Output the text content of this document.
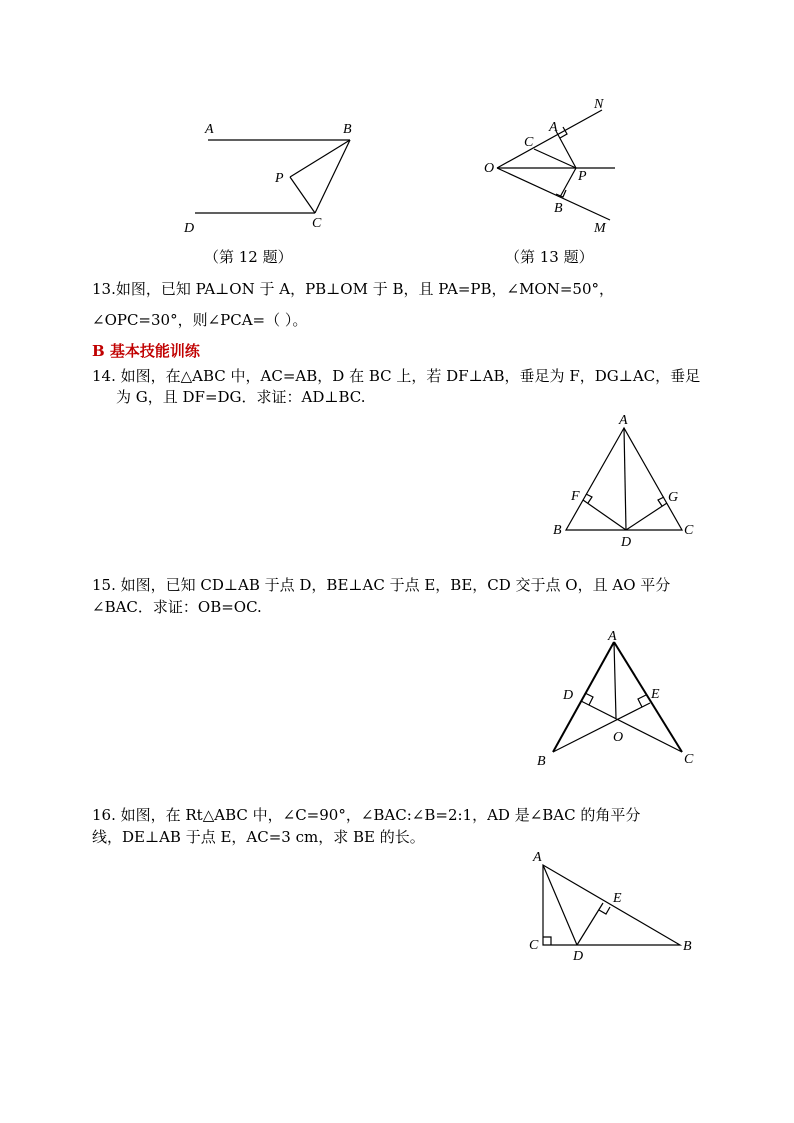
A	B
P
C
D
（第 12 题）
N
A
C
O
P
B
M
（第 13 题）
13.如图，已知 PA⊥ON 于 A，PB⊥OM 于 B，且 PA=PB，∠MON=50°，
∠OPC=30°，则∠PCA=（ ）。
B 基本技能训练
14. 如图，在△ABC 中，AC=AB，D 在 BC 上，若 DF⊥AB，垂足为 F，DG⊥AC，垂足
为 G，且 DF=DG．求证：AD⊥BC.
A
F	G
B
D
C
15. 如图，已知 CD⊥AB 于点 D，BE⊥AC 于点 E，BE，CD 交于点 O，且 AO 平分
∠BAC．求证：OB=OC.
A
D	E
O
B	C
16. 如图，在 Rt△ABC 中，∠C=90°，∠BAC:∠B=2:1，AD 是∠BAC 的角平分
线，DE⊥AB 于点 E，AC=3 cm，求 BE 的长。
A
E
C
D
B
